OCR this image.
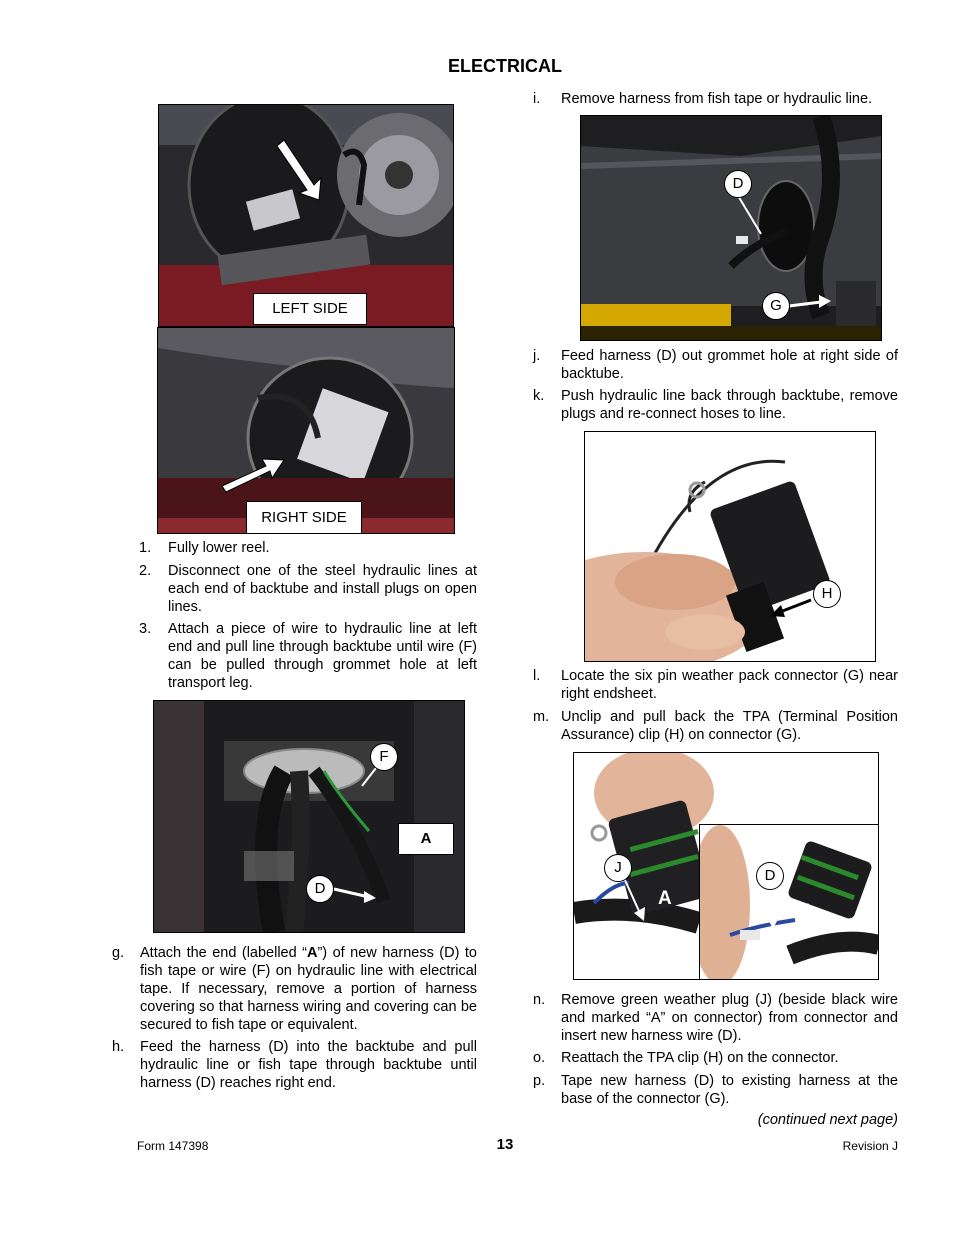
ELECTRICAL
LEFT SIDE
RIGHT SIDE
1. Fully lower reel.
2. Disconnect one of the steel hydraulic lines at each end of backtube and install plugs on open lines.
3. Attach a piece of wire to hydraulic line at left end and pull line through backtube until wire (F) can be pulled through grommet hole at left transport leg.
F
A
D
g. Attach the end (labelled “A”) of new harness (D) to fish tape or wire (F) on hydraulic line with electrical tape. If necessary, remove a portion of harness covering so that harness wiring and covering can be secured to fish tape or equivalent.
h. Feed the harness (D) into the backtube and pull hydraulic line or fish tape through backtube until harness (D) reaches right end.
i. Remove harness from fish tape or hydraulic line.
D
G
j. Feed harness (D) out grommet hole at right side of backtube.
k. Push hydraulic line back through backtube, remove plugs and re-connect hoses to line.
H
l. Locate the six pin weather pack connector (G) near right endsheet.
m. Unclip and pull back the TPA (Terminal Position Assurance) clip (H) on connector (G).
D
A
J
A
n. Remove green weather plug (J) (beside black wire and marked “A” on connector) from connector and insert new harness wire (D).
o. Reattach the TPA clip (H) on the connector.
p. Tape new harness (D) to existing harness at the base of the connector (G).
(continued next page)
Form 147398	13	Revision J
